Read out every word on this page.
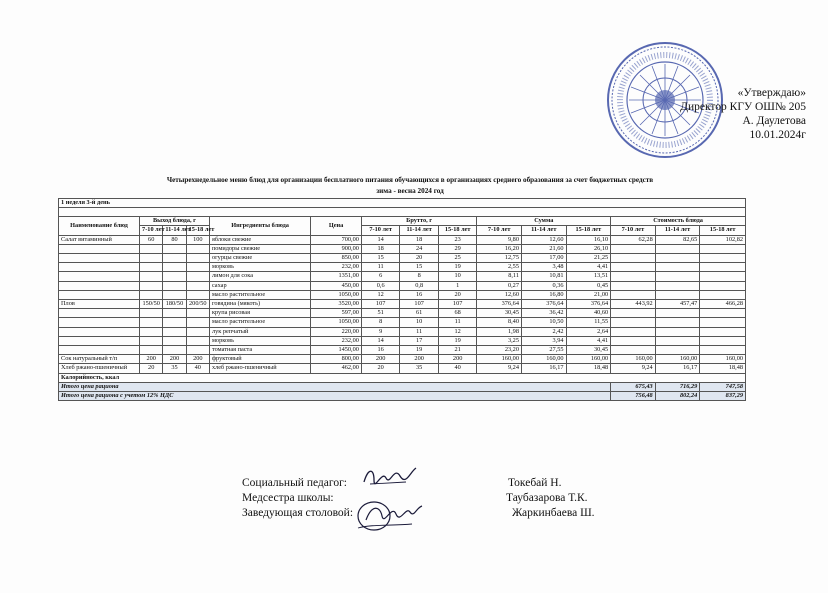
«Утверждаю»
Директор КГУ ОШ№ 205
А. Даулетова
10.01.2024г
Четырехнедельное меню блюд для организации бесплатного питания обучающихся в организациях среднего образования за счет бюджетных средств
зима - весна 2024 год
1 неделя 3-й день														

Наименование блюд	Выход блюда, г			Ингредиенты блюда	Цена	Брутто, г			Сумма			Стоимость блюда		
	7-10 лет	11-14 лет	15-18 лет			7-10 лет	11-14 лет	15-18 лет	7-10 лет	11-14 лет	15-18 лет	7-10 лет	11-14 лет	15-18 лет
Салат витаминный	60	80	100	яблоки свежие	700,00	14	18	23	9,80	12,60	16,10	62,28	82,65	102,82
				помидоры свежие	900,00	18	24	29	16,20	21,60	26,10			
				огурцы свежие	850,00	15	20	25	12,75	17,00	21,25			
				морковь	232,00	11	15	19	2,55	3,48	4,41			
				лимон для сока	1351,00	6	8	10	8,11	10,81	13,51			
				сахар	450,00	0,6	0,8	1	0,27	0,36	0,45			
				масло растительное	1050,00	12	16	20	12,60	16,80	21,00			
Плов	150/50	180/50	200/50	говядина (мякоть)	3520,00	107	107	107	376,64	376,64	376,64	443,92	457,47	466,28
				крупа рисовая	597,00	51	61	68	30,45	36,42	40,60			
				масло растительное	1050,00	8	10	11	8,40	10,50	11,55			
				лук репчатый	220,00	9	11	12	1,98	2,42	2,64			
				морковь	232,00	14	17	19	3,25	3,94	4,41			
				томатная паста	1450,00	16	19	21	23,20	27,55	30,45			
Сок натуральный т/п	200	200	200	фруктовый	800,00	200	200	200	160,00	160,00	160,00	160,00	160,00	160,00
Хлеб ржано-пшеничный	20	35	40	хлеб ржано-пшеничный	462,00	20	35	40	9,24	16,17	18,48	9,24	16,17	18,48
Калорийность, ккал														
Итого цена рациона												675,43	716,29	747,58
Итого цена рациона с учетом 12% НДС												756,48	802,24	837,29
Социальный педагог:	Токебай Н.
Медсестра школы:	Таубазарова Т.К.
Заведующая столовой:	Жаркинбаева Ш.
